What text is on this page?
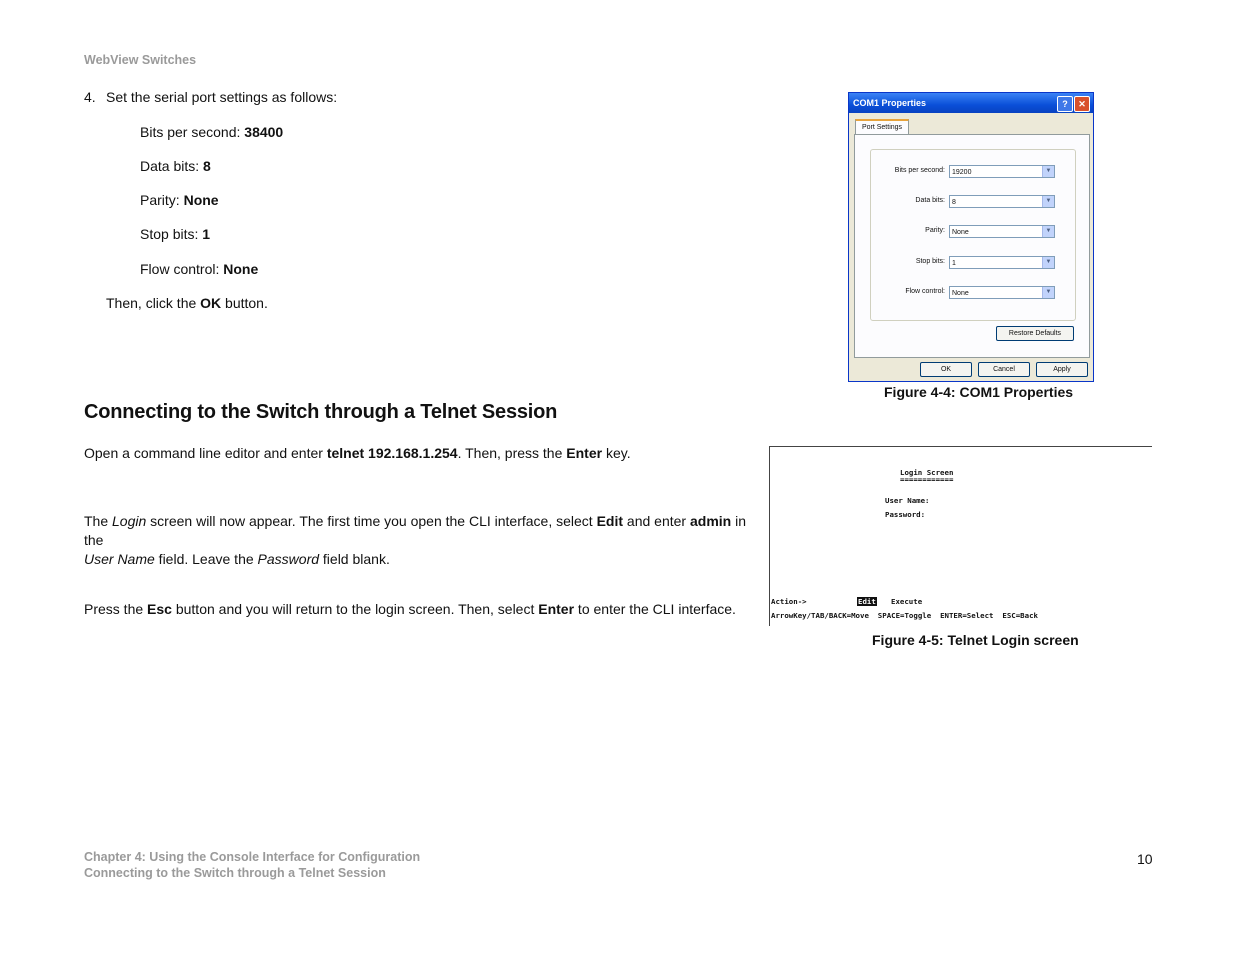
WebView Switches
4. Set the serial port settings as follows:
Bits per second: 38400
Data bits: 8
Parity: None
Stop bits: 1
Flow control: None
Then, click the OK button.
COM1 Properties	?	✕
Port Settings
Bits per second:	19200	▼
Data bits:	8	▼
Parity:	None	▼
Stop bits:	1	▼
Flow control:	None	▼
Restore Defaults
OK	Cancel	Apply
Figure 4-4: COM1 Properties
Connecting to the Switch through a Telnet Session
Open a command line editor and enter telnet 192.168.1.254. Then, press the Enter key.
The Login screen will now appear. The first time you open the CLI interface, select Edit and enter admin in the
User Name field. Leave the Password field blank.
Press the Esc button and you will return to the login screen. Then, select Enter to enter the CLI interface.
Login Screen
============
User Name:
Password:
Action->	Edit Execute
ArrowKey/TAB/BACK=Move  SPACE=Toggle  ENTER=Select  ESC=Back
Figure 4-5: Telnet Login screen
Chapter 4: Using the Console Interface for Configuration
Connecting to the Switch through a Telnet Session
10
